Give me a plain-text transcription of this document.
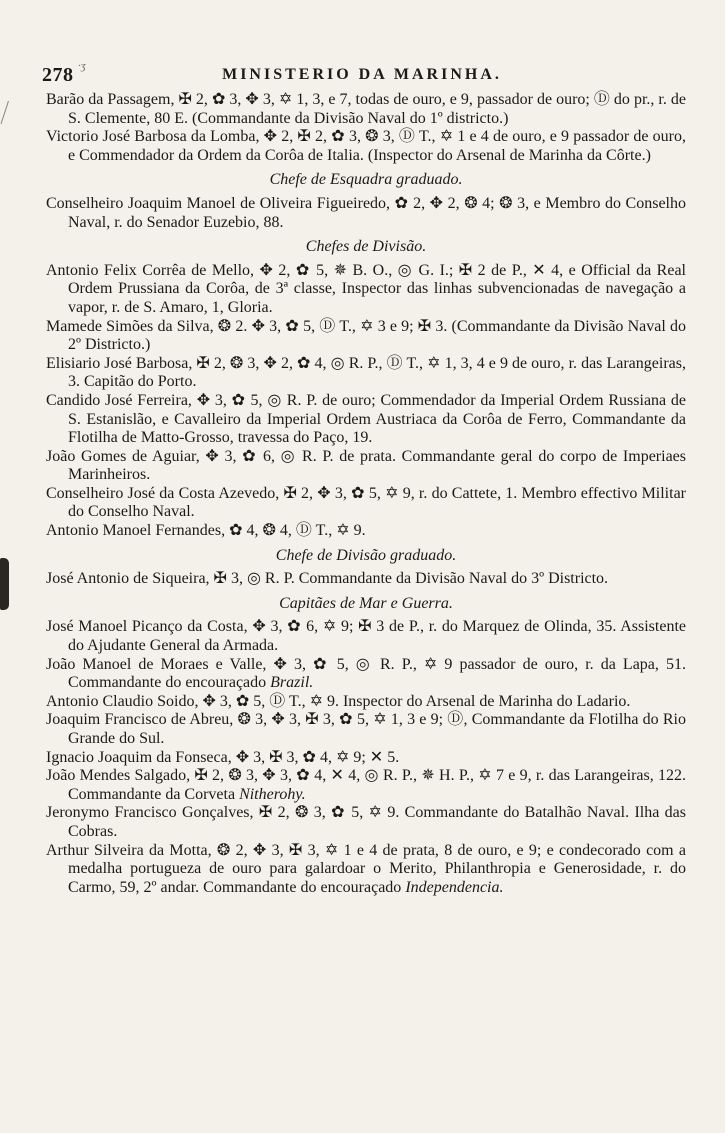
278 ·ʒ	MINISTERIO DA MARINHA.
Barão da Passagem, ✠ 2, ✿ 3, ✥ 3, ✡ 1, 3, e 7, todas de ouro, e 9, passador de ouro; Ⓓ do pr., r. de S. Clemente, 80 E. (Commandante da Divisão Naval do 1º districto.)
Victorio José Barbosa da Lomba, ✥ 2, ✠ 2, ✿ 3, ❂ 3, Ⓓ T., ✡ 1 e 4 de ouro, e 9 passador de ouro, e Commendador da Ordem da Corôa de Italia. (Inspector do Arsenal de Marinha da Côrte.)
Chefe de Esquadra graduado.
Conselheiro Joaquim Manoel de Oliveira Figueiredo, ✿ 2, ✥ 2, ❂ 4; ❂ 3, e Membro do Conselho Naval, r. do Senador Euzebio, 88.
Chefes de Divisão.
Antonio Felix Corrêa de Mello, ✥ 2, ✿ 5, ✵ B. O., ◎ G. I.; ✠ 2 de P., ✕ 4, e Official da Real Ordem Prussiana da Corôa, de 3ª classe, Inspector das linhas subvencionadas de navegação a vapor, r. de S. Amaro, 1, Gloria.
Mamede Simões da Silva, ❂ 2. ✥ 3, ✿ 5, Ⓓ T., ✡ 3 e 9; ✠ 3. (Commandante da Divisão Naval do 2º Districto.)
Elisiario José Barbosa, ✠ 2, ❂ 3, ✥ 2, ✿ 4, ◎ R. P., Ⓓ T., ✡ 1, 3, 4 e 9 de ouro, r. das Larangeiras, 3. Capitão do Porto.
Candido José Ferreira, ✥ 3, ✿ 5, ◎ R. P. de ouro; Commendador da Imperial Ordem Russiana de S. Estanislão, e Cavalleiro da Imperial Ordem Austriaca da Corôa de Ferro, Commandante da Flotilha de Matto-Grosso, travessa do Paço, 19.
João Gomes de Aguiar, ✥ 3, ✿ 6, ◎ R. P. de prata. Commandante geral do corpo de Imperiaes Marinheiros.
Conselheiro José da Costa Azevedo, ✠ 2, ✥ 3, ✿ 5, ✡ 9, r. do Cattete, 1. Membro effectivo Militar do Conselho Naval.
Antonio Manoel Fernandes, ✿ 4, ❂ 4, Ⓓ T., ✡ 9.
Chefe de Divisão graduado.
José Antonio de Siqueira, ✠ 3, ◎ R. P. Commandante da Divisão Naval do 3º Districto.
Capitães de Mar e Guerra.
José Manoel Picanço da Costa, ✥ 3, ✿ 6, ✡ 9; ✠ 3 de P., r. do Marquez de Olinda, 35. Assistente do Ajudante General da Armada.
João Manoel de Moraes e Valle, ✥ 3, ✿ 5, ◎ R. P., ✡ 9 passador de ouro, r. da Lapa, 51. Commandante do encouraçado Brazil.
Antonio Claudio Soido, ✥ 3, ✿ 5, Ⓓ T., ✡ 9. Inspector do Arsenal de Marinha do Ladario.
Joaquim Francisco de Abreu, ❂ 3, ✥ 3, ✠ 3, ✿ 5, ✡ 1, 3 e 9; Ⓓ, Commandante da Flotilha do Rio Grande do Sul.
Ignacio Joaquim da Fonseca, ✥ 3, ✠ 3, ✿ 4, ✡ 9; ✕ 5.
João Mendes Salgado, ✠ 2, ❂ 3, ✥ 3, ✿ 4, ✕ 4, ◎ R. P., ✵ H. P., ✡ 7 e 9, r. das Larangeiras, 122. Commandante da Corveta Nitherohy.
Jeronymo Francisco Gonçalves, ✠ 2, ❂ 3, ✿ 5, ✡ 9. Commandante do Batalhão Naval. Ilha das Cobras.
Arthur Silveira da Motta, ❂ 2, ✥ 3, ✠ 3, ✡ 1 e 4 de prata, 8 de ouro, e 9; e condecorado com a medalha portugueza de ouro para galardoar o Merito, Philanthropia e Generosidade, r. do Carmo, 59, 2º andar. Commandante do encouraçado Independencia.
